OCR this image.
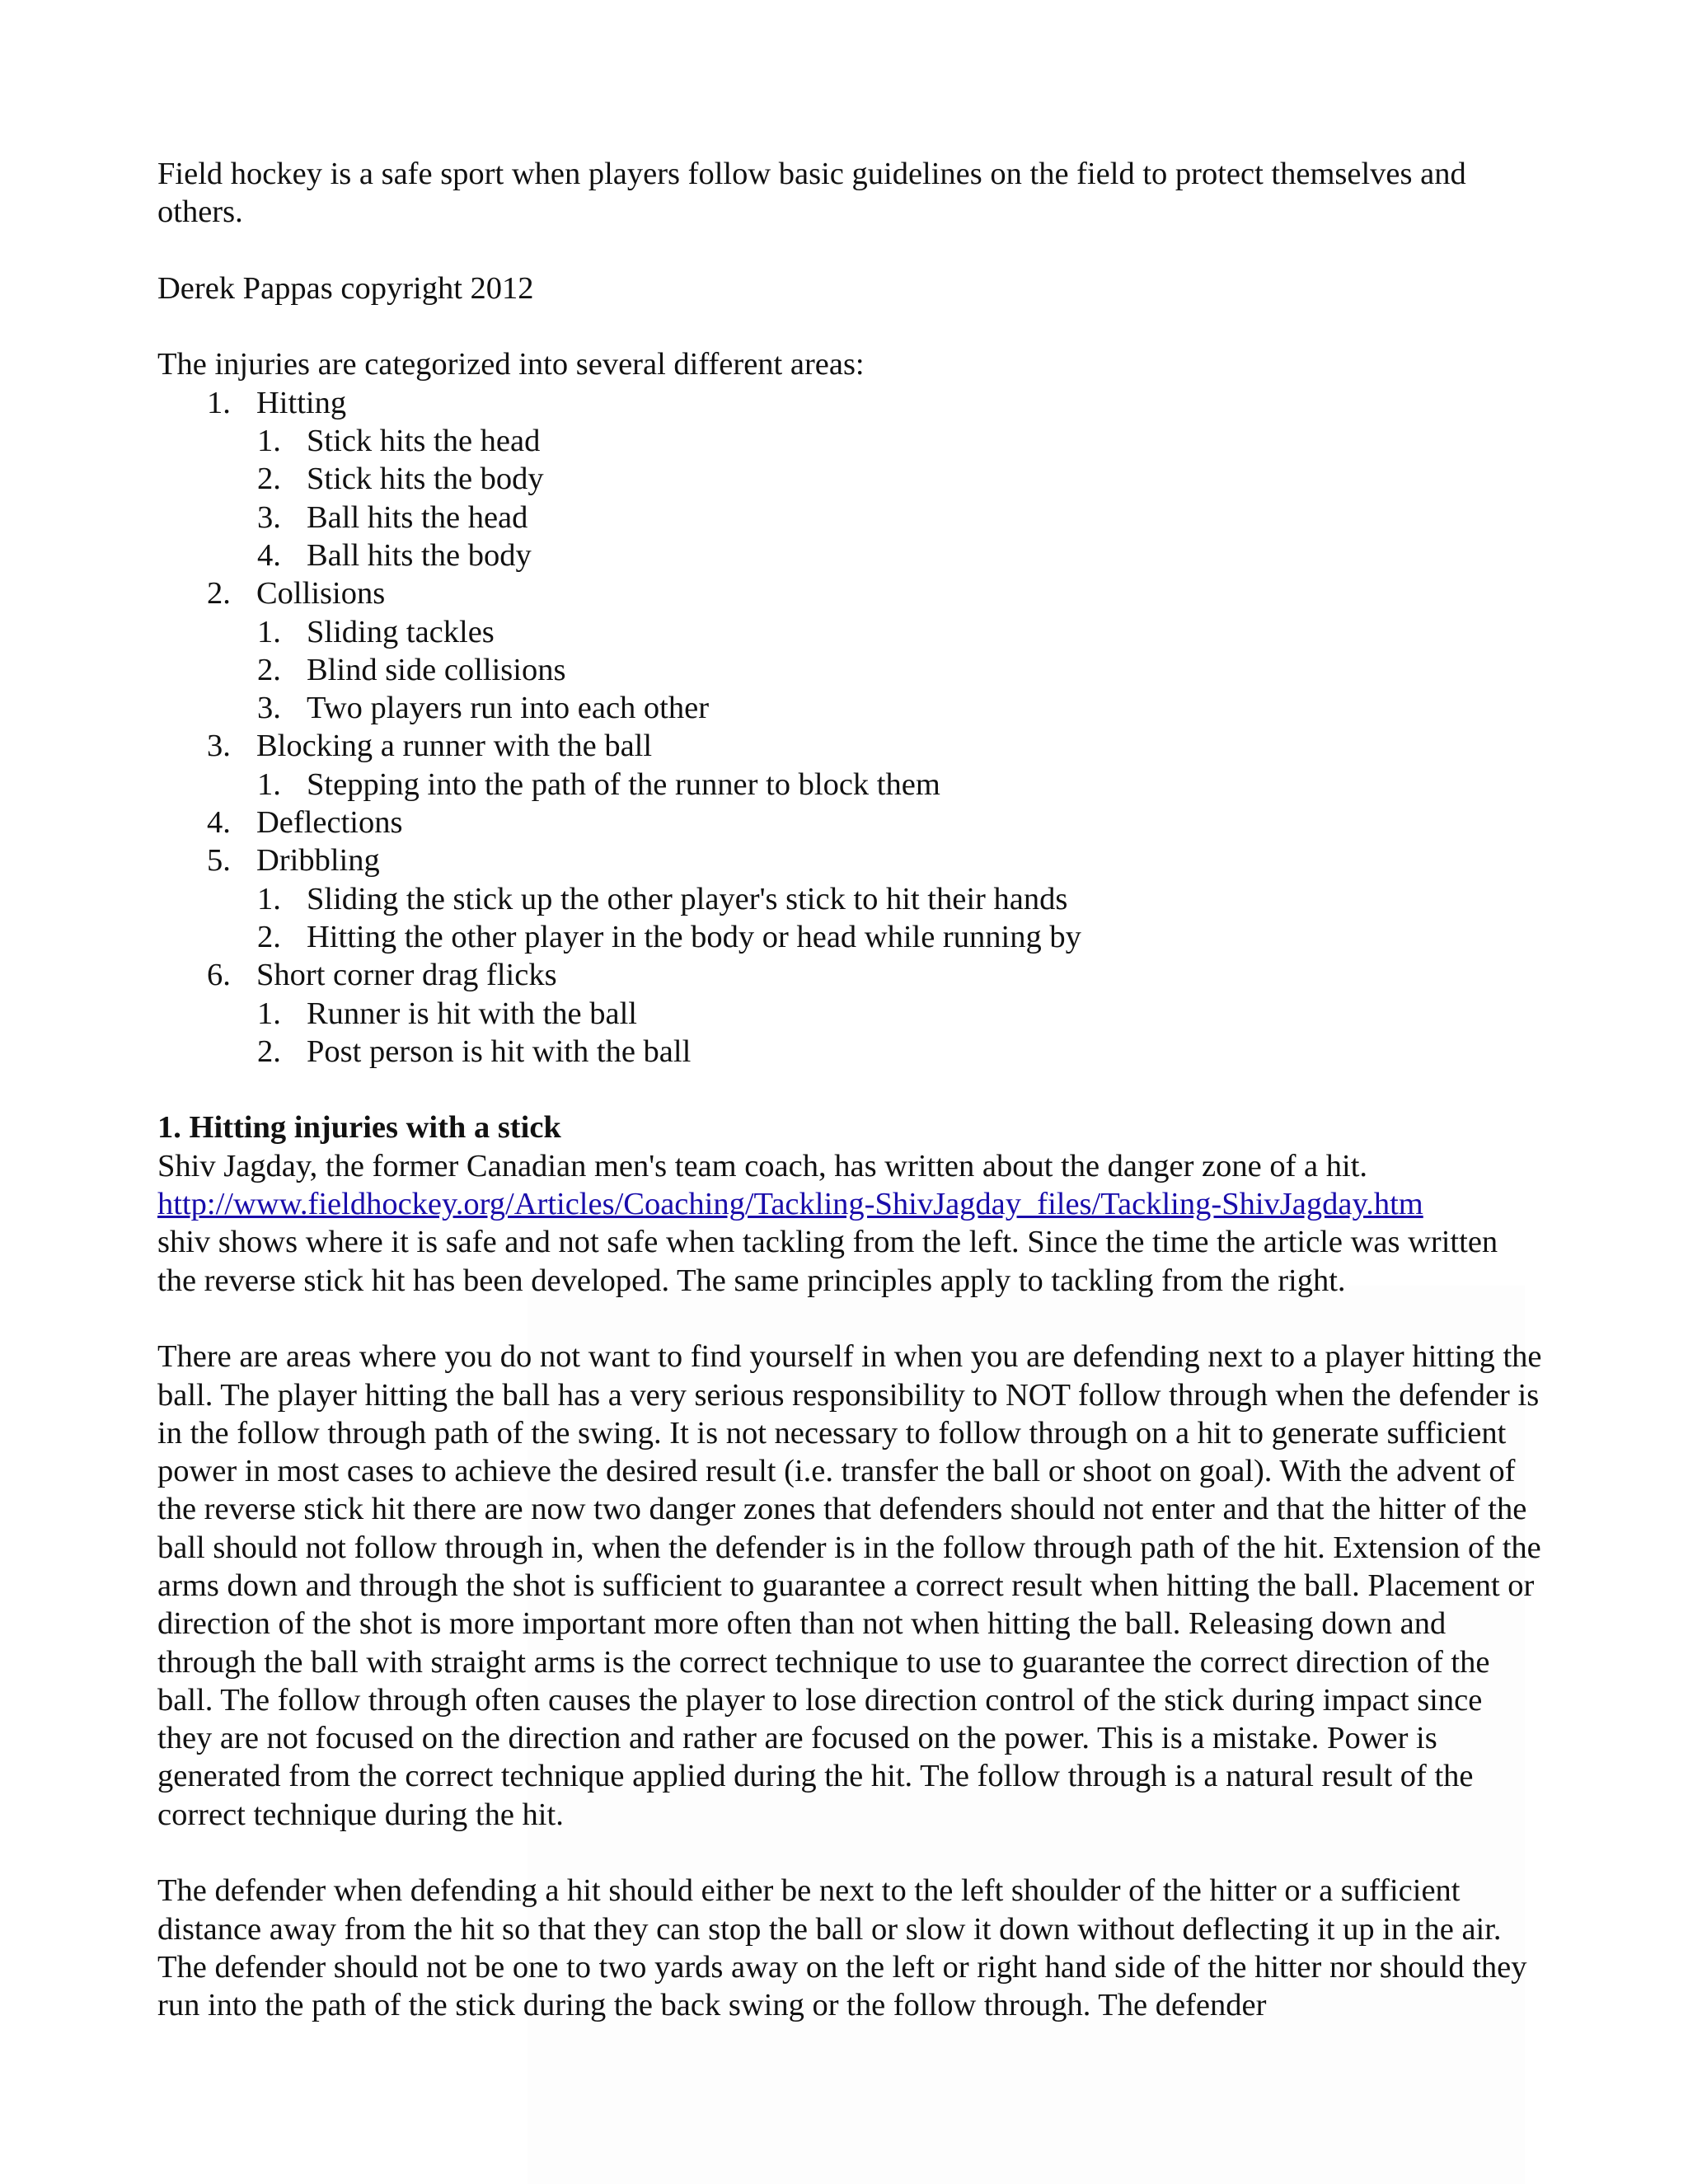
Field hockey is a safe sport when players follow basic guidelines on the field to protect themselves and others.

Derek Pappas copyright 2012

The injuries are categorized into several different areas:

1. Hitting
1. Stick hits the head
2. Stick hits the body
3. Ball hits the head
4. Ball hits the body
2. Collisions
1. Sliding tackles
2. Blind side collisions
3. Two players run into each other
3. Blocking a runner with the ball
1. Stepping into the path of the runner to block them
4. Deflections
5. Dribbling
1. Sliding the stick up the other player's stick to hit their hands
2. Hitting the other player in the body or head while running by
6. Short corner drag flicks
1. Runner is hit with the ball
2. Post person is hit with the ball

1. Hitting injuries with a stick

Shiv Jagday, the former Canadian men's team coach, has written about the danger zone of a hit.

http://www.fieldhockey.org/Articles/Coaching/Tackling-ShivJagday_files/Tackling-ShivJagday.htm

shiv shows where it is safe and not safe when tackling from the left. Since the time the article was written the reverse stick hit has been developed. The same principles apply to tackling from the right.

There are areas where you do not want to find yourself in when you are defending next to a player hitting the ball. The player hitting the ball has a very serious responsibility to NOT follow through when the defender is in the follow through path of the swing. It is not necessary to follow through on a hit to generate sufficient power in most cases to achieve the desired result (i.e. transfer the ball or shoot on goal). With the advent of the reverse stick hit there are now two danger zones that defenders should not enter and that the hitter of the ball should not follow through in, when the defender is in the follow through path of the hit. Extension of the arms down and through the shot is sufficient to guarantee a correct result when hitting the ball. Placement or direction of the shot is more important more often than not when hitting the ball. Releasing down and through the ball with straight arms is the correct technique to use to guarantee the correct direction of the ball. The follow through often causes the player to lose direction control of the stick during impact since they are not focused on the direction and rather are focused on the power. This is a mistake. Power is generated from the correct technique applied during the hit. The follow through is a natural result of the correct technique during the hit.

The defender when defending a hit should either be next to the left shoulder of the hitter or a sufficient distance away from the hit so that they can stop the ball or slow it down without deflecting it up in the air. The defender should not be one to two yards away on the left or right hand side of the hitter nor should they run into the path of the stick during the back swing or the follow through. The defender
